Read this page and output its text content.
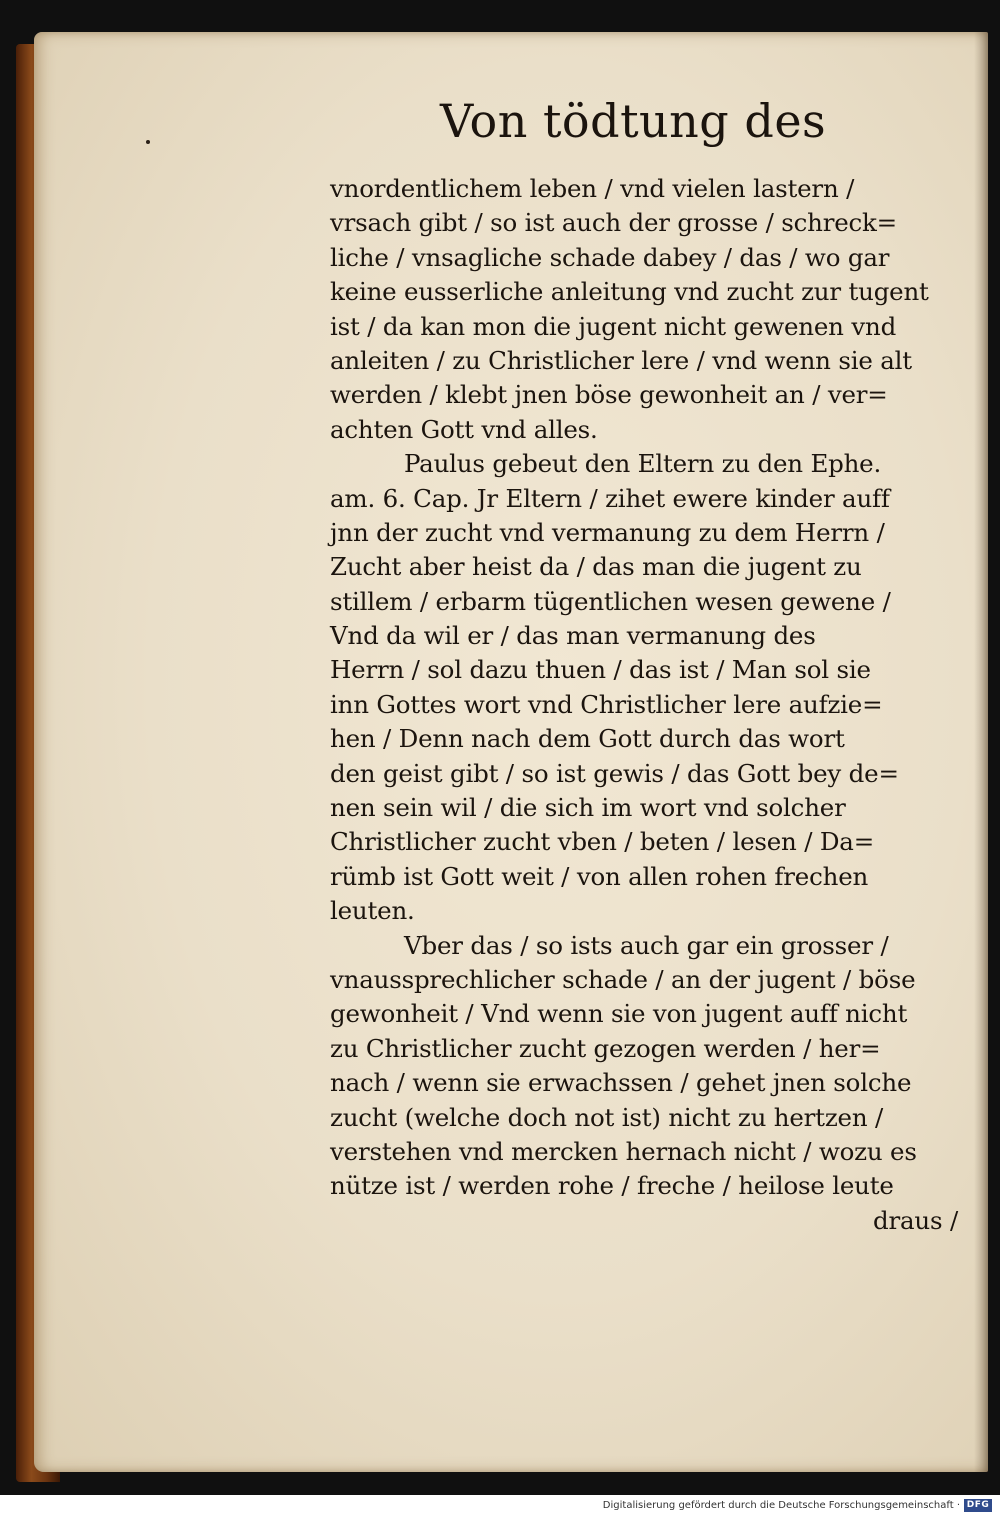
Von tödtung des
vnordentlichem leben / vnd vielen lastern /
vrsach gibt / so ist auch der grosse / schreck=
liche / vnsagliche schade dabey / das / wo gar
keine eusserliche anleitung vnd zucht zur tugent
ist / da kan mon die jugent nicht gewenen vnd
anleiten / zu Christlicher lere / vnd wenn sie alt
werden / klebt jnen böse gewonheit an / ver=
achten Gott vnd alles.
Paulus gebeut den Eltern zu den Ephe.
am. 6. Cap. Jr Eltern / zihet ewere kinder auff
jnn der zucht vnd vermanung zu dem Herrn /
Zucht aber heist da / das man die jugent zu
stillem / erbarm tügentlichen wesen gewene /
Vnd da wil er / das man vermanung des
Herrn / sol dazu thuen / das ist / Man sol sie
inn Gottes wort vnd Christlicher lere aufzie=
hen / Denn nach dem Gott durch das wort
den geist gibt / so ist gewis / das Gott bey de=
nen sein wil / die sich im wort vnd solcher
Christlicher zucht vben / beten / lesen / Da=
rümb ist Gott weit / von allen rohen frechen
leuten.
Vber das / so ists auch gar ein grosser /
vnaussprechlicher schade / an der jugent / böse
gewonheit / Vnd wenn sie von jugent auff nicht
zu Christlicher zucht gezogen werden / her=
nach / wenn sie erwachssen / gehet jnen solche
zucht (welche doch not ist) nicht zu hertzen /
verstehen vnd mercken hernach nicht / wozu es
nütze ist / werden rohe / freche / heilose leute
draus /
Digitalisierung gefördert durch die Deutsche Forschungsgemeinschaft · DFG
